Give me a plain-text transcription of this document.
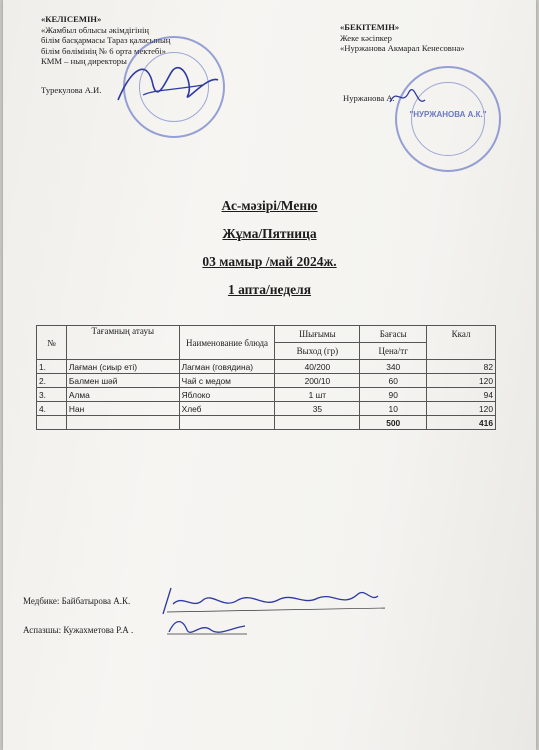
«КЕЛІСЕМІН»
«Жамбыл облысы әкімдігінің
білім басқармасы Тараз қаласының
білім бөлімінің № 6 орта мектебі»
КММ – ның директоры
Турекулова А.И.
«БЕКІТЕМІН»
Жеке кәсіпкер
«Нуржанова Акмарал Кенесовна»
Нуржанова А.
"НУРЖАНОВА А.К."
Ас-мәзірі/Меню
Жұма/Пятница
03 мамыр /май 2024ж.
1 апта/неделя
№	Тағамның атауы	Наименование блюда	Шығымы	Бағасы	Ккал
			Выход (гр)	Цена/тг	
1.	Лағман (сиыр еті)	Лагман (говядина)	40/200	340	82
2.	Балмен шәй	Чай с медом	200/10	60	120
3.	Алма	Яблоко	1 шт	90	94
4.	Нан	Хлеб	35	10	120
				500	416
Медбике: Байбатырова А.К.
Аспазшы: Кужахметова Р.А .
